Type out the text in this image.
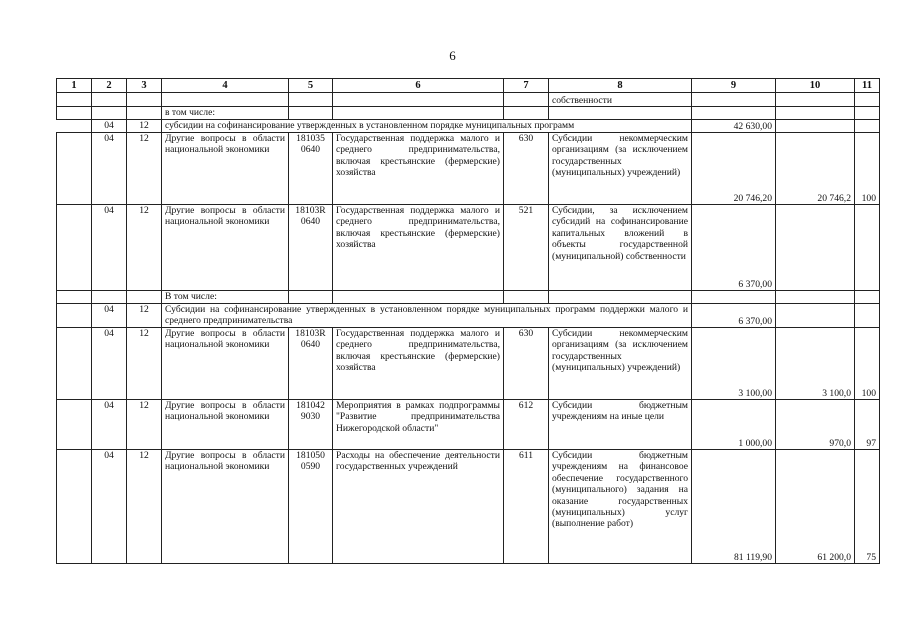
6
1	2	3	4	5	6	7	8	9	10	11
							собственности			
			в том числе:							
	04	12	субсидии на софинансирование утвержденных в установленном порядке муниципальных программ					42 630,00		
	04	12	Другие вопросы в области национальной экономики	181035 0640	Государственная поддержка малого и среднего предпринимательства, включая крестьянские (фермерские) хозяйства	630	Субсидии некоммерческим организациям (за исключением государственных (муниципальных) учреждений)	20 746,20	20 746,2	100
	04	12	Другие вопросы в области национальной экономики	18103R 0640	Государственная поддержка малого и среднего предпринимательства, включая крестьянские (фермерские) хозяйства	521	Субсидии, за исключением субсидий на софинансирование капитальных вложений в объекты государственной (муниципальной) собственности	6 370,00		
			В том числе:							
	04	12	Субсидии на софинансирование утвержденных в установленном порядке муниципальных программ поддержки малого и среднего предпринимательства					6 370,00		
	04	12	Другие вопросы в области национальной экономики	18103R 0640	Государственная поддержка малого и среднего предпринимательства, включая крестьянские (фермерские) хозяйства	630	Субсидии некоммерческим организациям (за исключением государственных (муниципальных) учреждений)	3 100,00	3 100,0	100
	04	12	Другие вопросы в области национальной экономики	181042 9030	Мероприятия в рамках подпрограммы "Развитие предпринимательства Нижегородской области"	612	Субсидии бюджетным учреждениям на иные цели	1 000,00	970,0	97
	04	12	Другие вопросы в области национальной экономики	181050 0590	Расходы на обеспечение деятельности государственных учреждений	611	Субсидии бюджетным учреждениям на финансовое обеспечение государственного (муниципального) задания на оказание государственных (муниципальных) услуг (выполнение работ)	81 119,90	61 200,0	75
